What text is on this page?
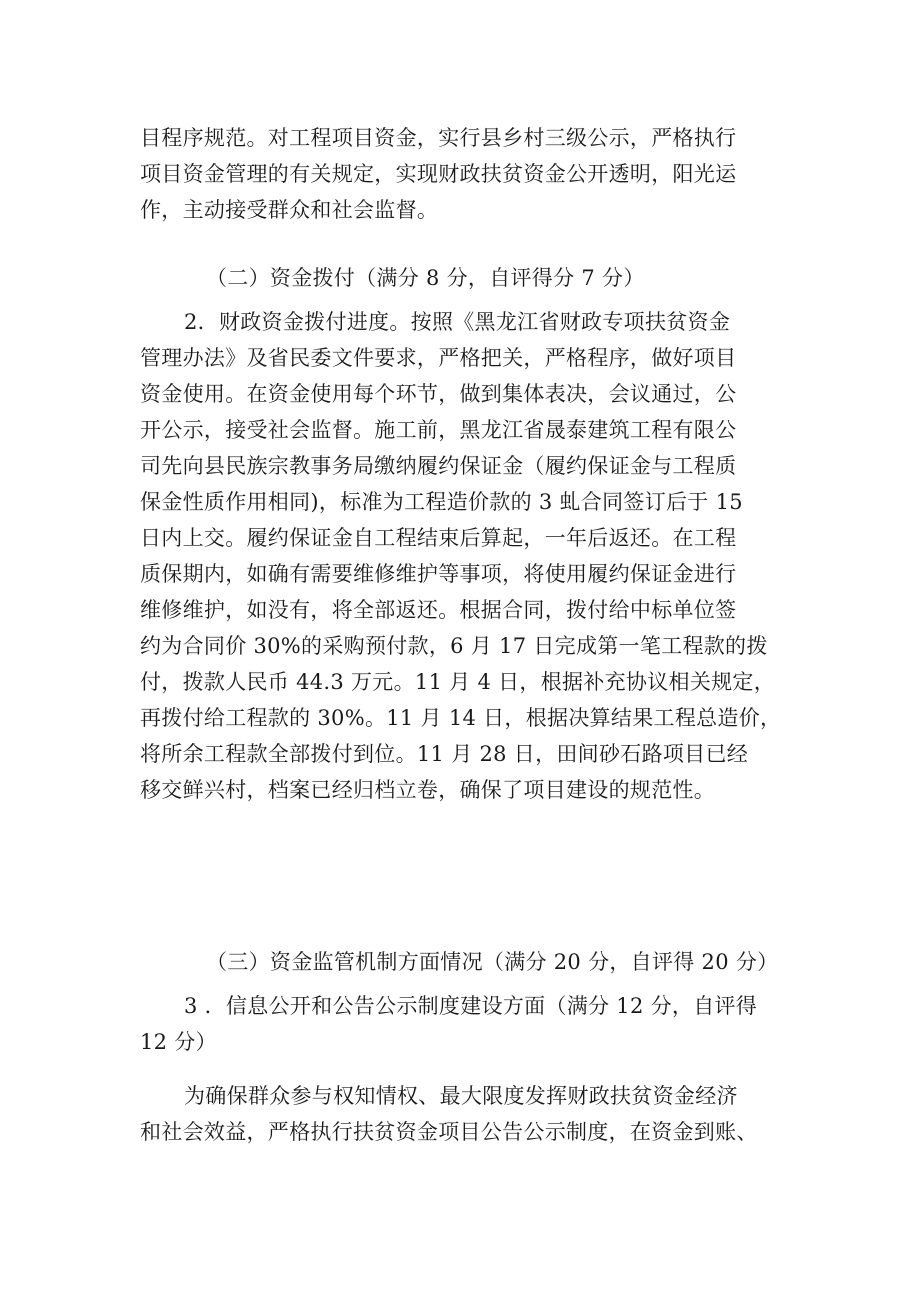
目程序规范。对工程项目资金，实行县乡村三级公示，严格执行
项目资金管理的有关规定，实现财政扶贫资金公开透明，阳光运
作，主动接受群众和社会监督。
（二）资金拨付（满分 8 分，自评得分 7 分）
2．财政资金拨付进度。按照《黑龙江省财政专项扶贫资金
管理办法》及省民委文件要求，严格把关，严格程序，做好项目
资金使用。在资金使用每个环节，做到集体表决，会议通过，公
开公示，接受社会监督。施工前，黑龙江省晟泰建筑工程有限公
司先向县民族宗教事务局缴纳履约保证金（履约保证金与工程质
保金性质作用相同)，标准为工程造价款的 3 虬合同签订后于 15
日内上交。履约保证金自工程结束后算起，一年后返还。在工程
质保期内，如确有需要维修维护等事项，将使用履约保证金进行
维修维护，如没有，将全部返还。根据合同，拨付给中标单位签
约为合同价 30%的采购预付款，6 月 17 日完成第一笔工程款的拨
付，拨款人民币 44.3 万元。11 月 4 日，根据补充协议相关规定，
再拨付给工程款的 30%。11 月 14 日，根据决算结果工程总造价，
将所余工程款全部拨付到位。11 月 28 日，田间砂石路项目已经
移交鲜兴村，档案已经归档立卷，确保了项目建设的规范性。
（三）资金监管机制方面情况（满分 20 分，自评得 20 分）
3 ．信息公开和公告公示制度建设方面（满分 12 分，自评得
12 分）
为确保群众参与权知情权、最大限度发挥财政扶贫资金经济
和社会效益，严格执行扶贫资金项目公告公示制度，在资金到账、
